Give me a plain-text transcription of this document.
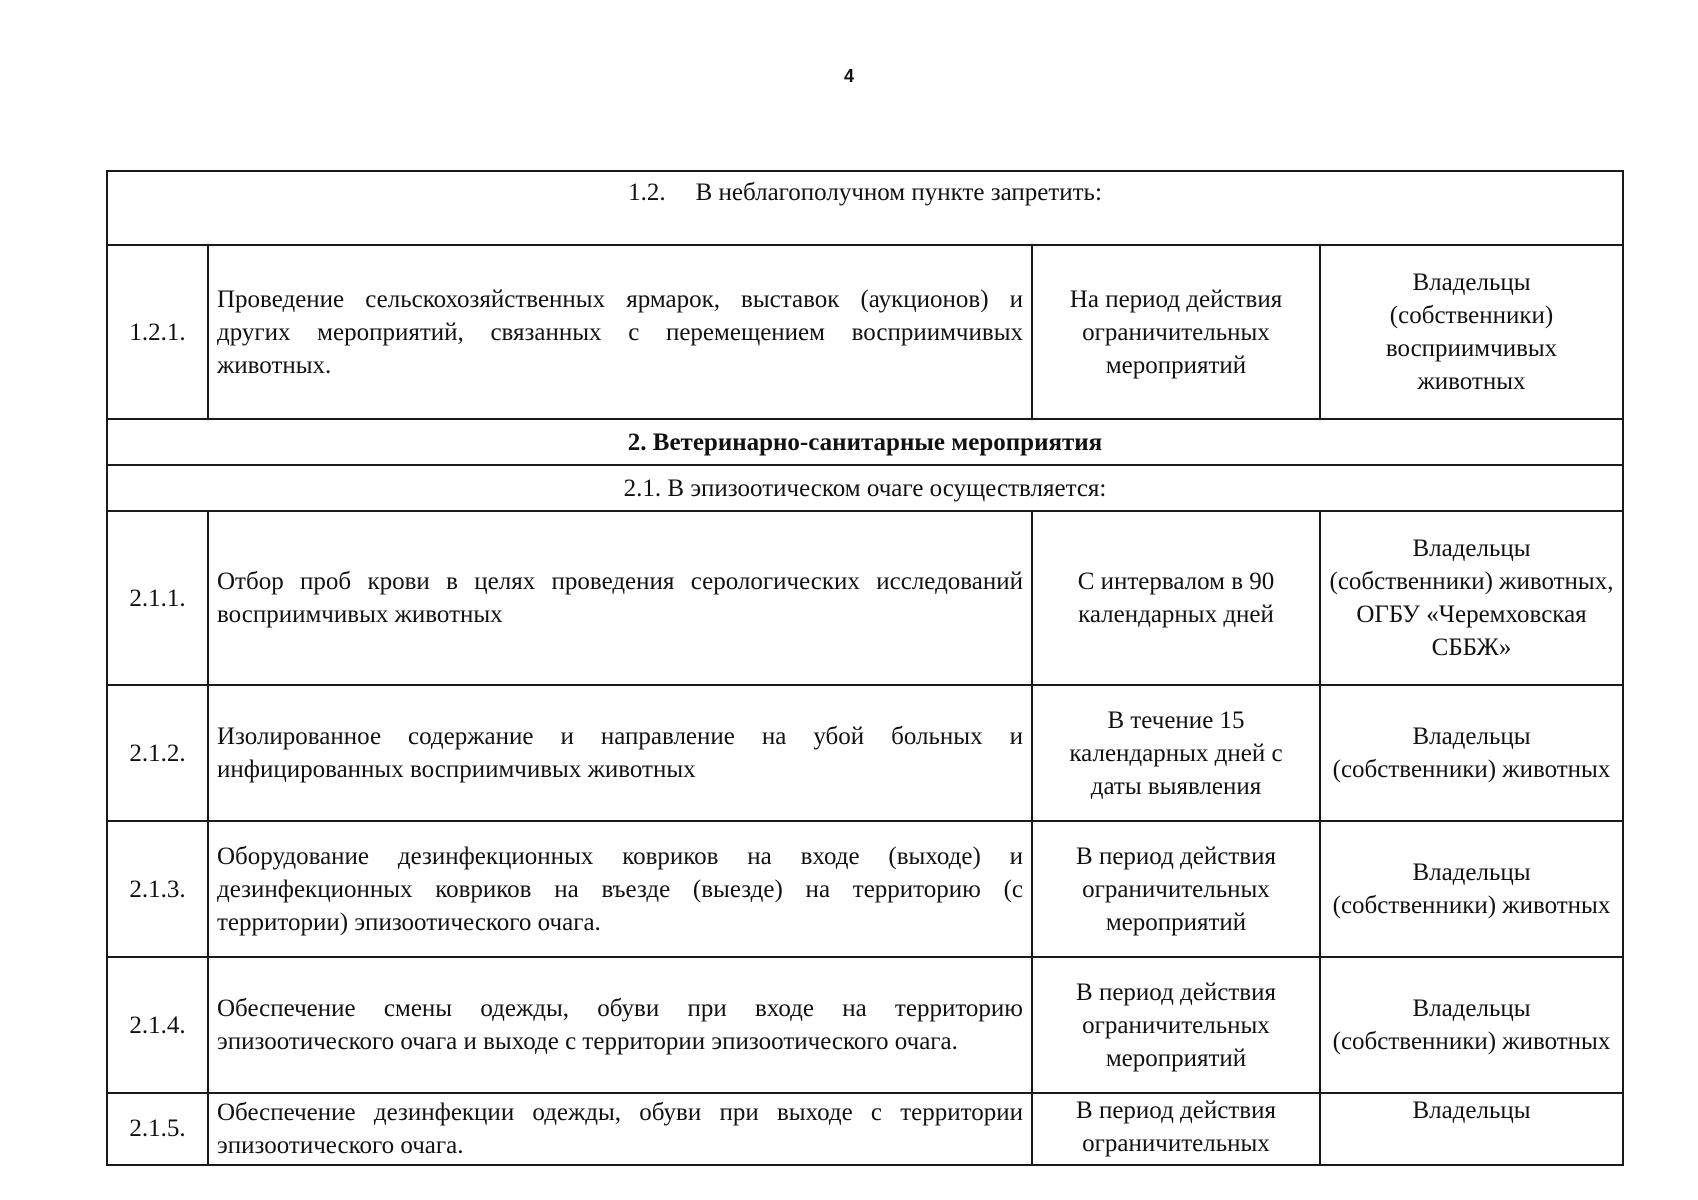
4
1.2. В неблагополучном пункте запретить:			
1.2.1.	Проведение сельскохозяйственных ярмарок, выставок (аукционов) и других мероприятий, связанных с перемещением восприимчивых животных.	На период действия ограничительных мероприятий	Владельцы (собственники) восприимчивых животных
2. Ветеринарно-санитарные мероприятия			
2.1. В эпизоотическом очаге осуществляется:			
2.1.1.	Отбор проб крови в целях проведения серологических исследований восприимчивых животных	С интервалом в 90 календарных дней	Владельцы (собственники) животных, ОГБУ «Черемховская СББЖ»
2.1.2.	Изолированное содержание и направление на убой больных и инфицированных восприимчивых животных	В течение 15 календарных дней с даты выявления	Владельцы (собственники) животных
2.1.3.	Оборудование дезинфекционных ковриков на входе (выходе) и дезинфекционных ковриков на въезде (выезде) на территорию (с территории) эпизоотического очага.	В период действия ограничительных мероприятий	Владельцы (собственники) животных
2.1.4.	Обеспечение смены одежды, обуви при входе на территорию эпизоотического очага и выходе с территории эпизоотического очага.	В период действия ограничительных мероприятий	Владельцы (собственники) животных
2.1.5.	Обеспечение дезинфекции одежды, обуви при выходе с территории эпизоотического очага.	В период действия ограничительных	Владельцы
